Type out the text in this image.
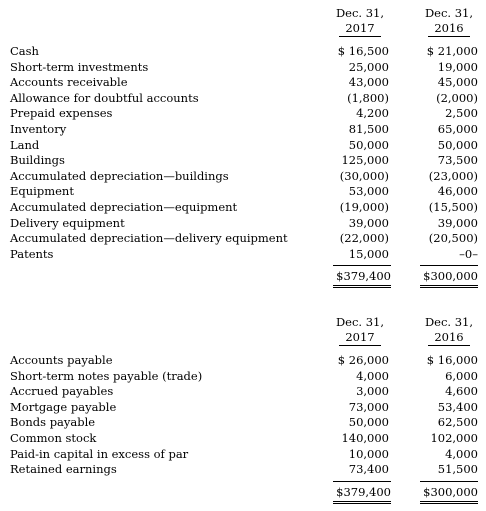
Dec. 31,
2017
Dec. 31,
2016
Cash	$ 16,500	$ 21,000
Short-term investments	25,000	19,000
Accounts receivable	43,000	45,000
Allowance for doubtful accounts	(1,800)	(2,000)
Prepaid expenses	4,200	2,500
Inventory	81,500	65,000
Land	50,000	50,000
Buildings	125,000	73,500
Accumulated depreciation—buildings	(30,000)	(23,000)
Equipment	53,000	46,000
Accumulated depreciation—equipment	(19,000)	(15,500)
Delivery equipment	39,000	39,000
Accumulated depreciation—delivery equipment	(22,000)	(20,500)
Patents	15,000	–0–
$379,400	$300,000
Dec. 31,
2017
Dec. 31,
2016
Accounts payable	$ 26,000	$ 16,000
Short-term notes payable (trade)	4,000	6,000
Accrued payables	3,000	4,600
Mortgage payable	73,000	53,400
Bonds payable	50,000	62,500
Common stock	140,000	102,000
Paid-in capital in excess of par	10,000	4,000
Retained earnings	73,400	51,500
$379,400	$300,000
